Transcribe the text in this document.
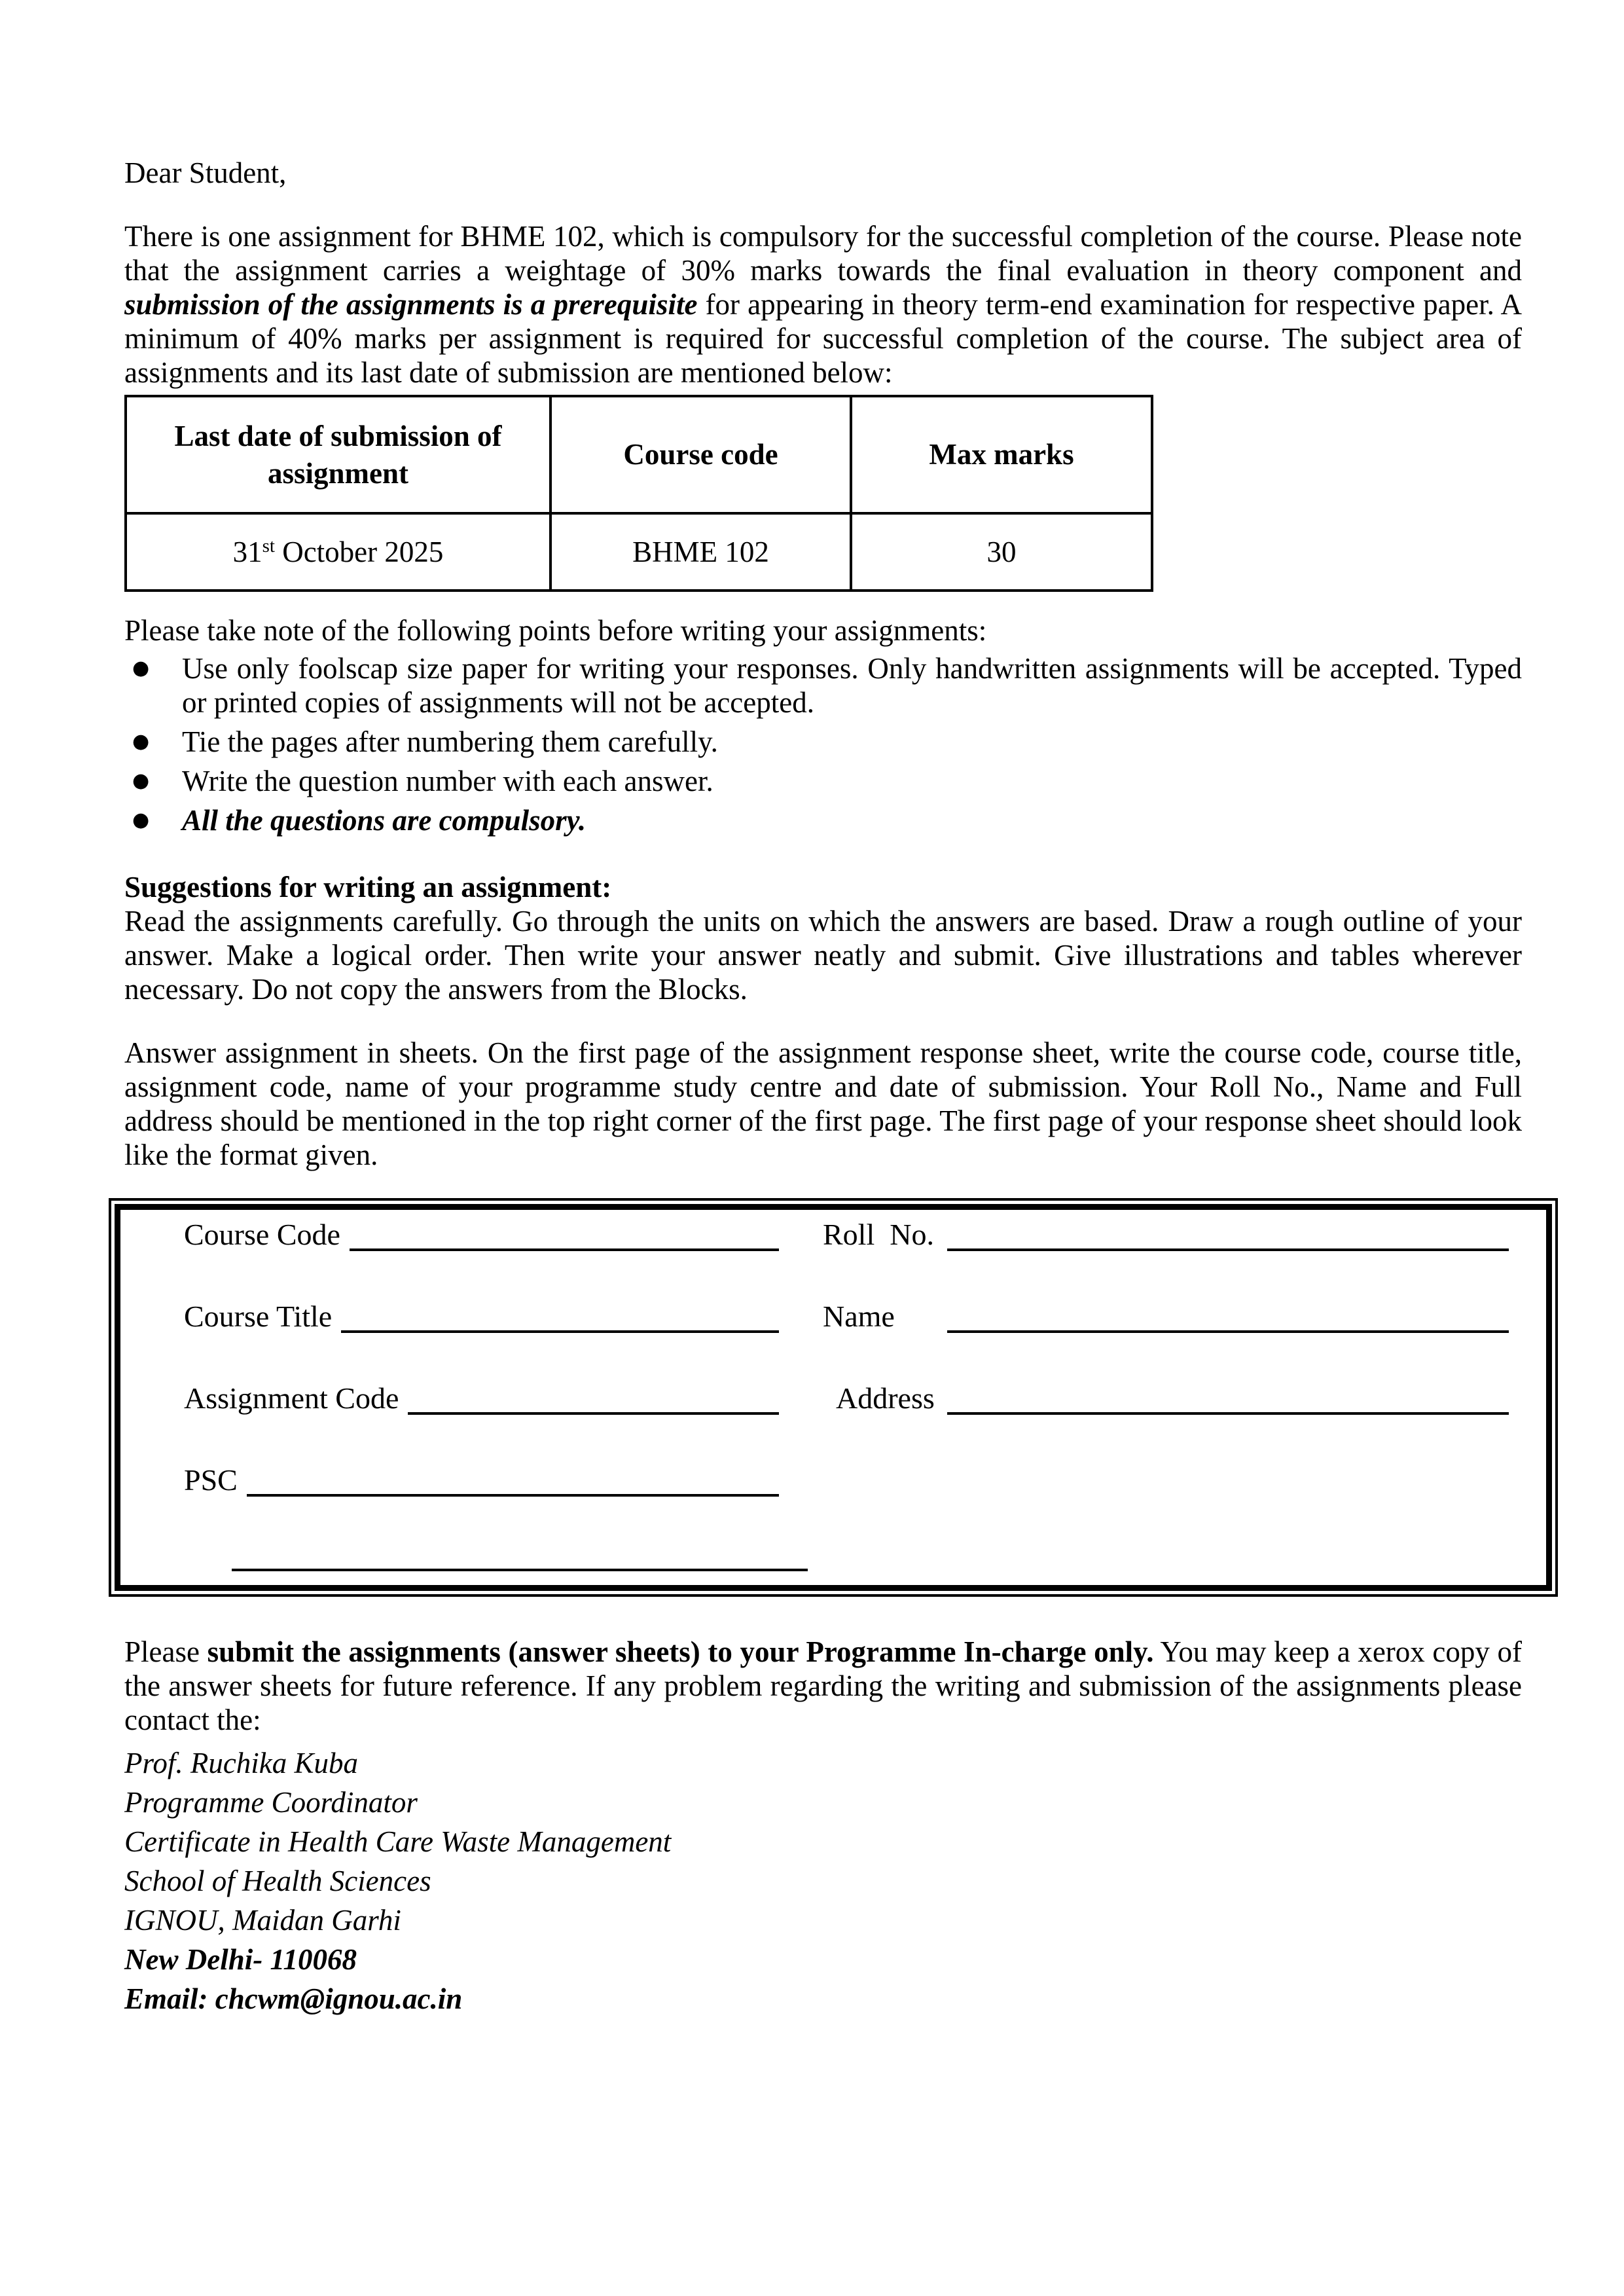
Dear Student,

There is one assignment for BHME 102, which is compulsory for the successful completion of the course. Please note that the assignment carries a weightage of 30% marks towards the final evaluation in theory component and submission of the assignments is a prerequisite for appearing in theory term-end examination for respective paper. A minimum of 40% marks per assignment is required for successful completion of the course. The subject area of assignments and its last date of submission are mentioned below:

Last date of submission of assignment	Course code	Max marks
31st October 2025	BHME 102	30

Please take note of the following points before writing your assignments:

●	Use only foolscap size paper for writing your responses. Only handwritten assignments will be accepted. Typed or printed copies of assignments will not be accepted.
●	Tie the pages after numbering them carefully.
●	Write the question number with each answer.
●	All the questions are compulsory.

Suggestions for writing an assignment:

Read the assignments carefully. Go through the units on which the answers are based. Draw a rough outline of your answer. Make a logical order. Then write your answer neatly and submit. Give illustrations and tables wherever necessary. Do not copy the answers from the Blocks.

Answer assignment in sheets. On the first page of the assignment response sheet, write the course code, course title, assignment code, name of your programme study centre and date of submission. Your Roll No., Name and Full address should be mentioned in the top right corner of the first page. The first page of your response sheet should look like the format given.

Course Code	Roll  No.
Course Title	Name
Assignment Code	Address
PSC

Please submit the assignments (answer sheets) to your Programme In-charge only. You may keep a xerox copy of the answer sheets for future reference. If any problem regarding the writing and submission of the assignments please contact the:

Prof. Ruchika Kuba

Programme Coordinator

Certificate in Health Care Waste Management

School of Health Sciences

IGNOU, Maidan Garhi

New Delhi- 110068

Email: chcwm@ignou.ac.in
